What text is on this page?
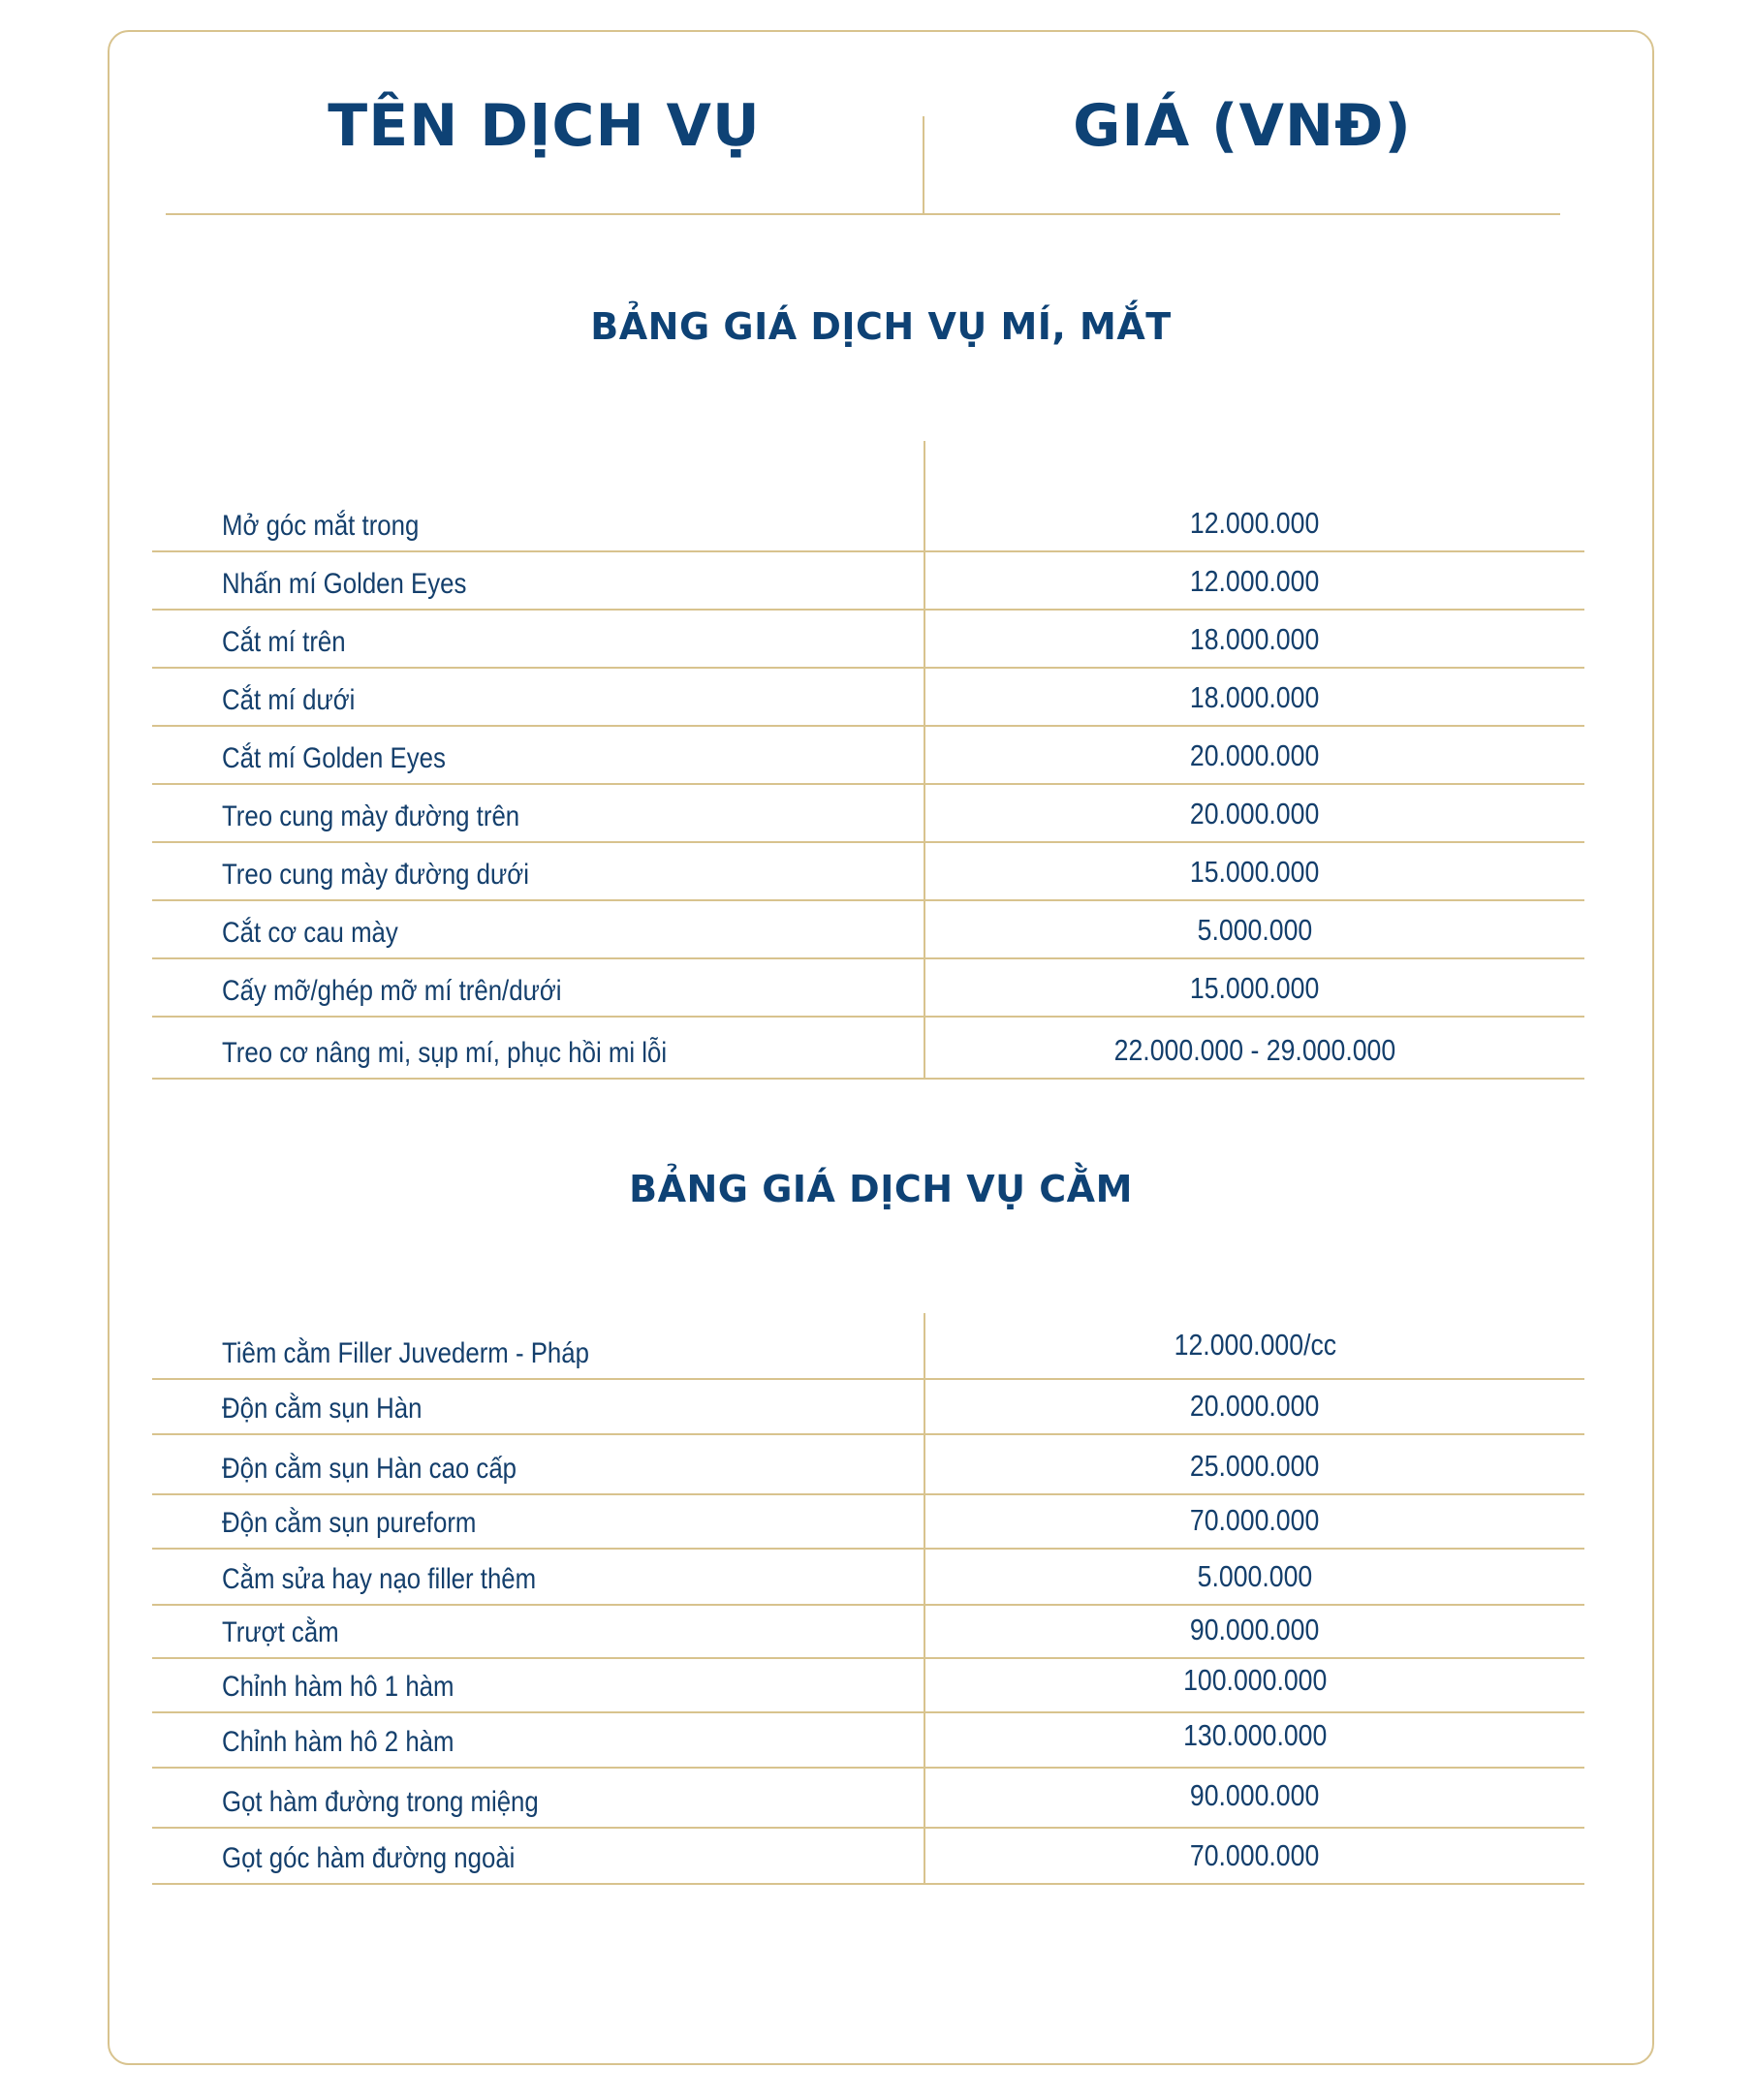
TÊN DỊCH VỤ	GIÁ (VNĐ)
BẢNG GIÁ DỊCH VỤ MÍ, MẮT
Mở góc mắt trong	12.000.000
Nhấn mí Golden Eyes	12.000.000
Cắt mí trên	18.000.000
Cắt mí dưới	18.000.000
Cắt mí Golden Eyes	20.000.000
Treo cung mày đường trên	20.000.000
Treo cung mày đường dưới	15.000.000
Cắt cơ cau mày	5.000.000
Cấy mỡ/ghép mỡ mí trên/dưới	15.000.000
Treo cơ nâng mi, sụp mí, phục hồi mi lỗi	22.000.000 - 29.000.000
BẢNG GIÁ DỊCH VỤ CẰM
Tiêm cằm Filler Juvederm - Pháp	12.000.000/cc
Độn cằm sụn Hàn	20.000.000
Độn cằm sụn Hàn cao cấp	25.000.000
Độn cằm sụn pureform	70.000.000
Cằm sửa hay nạo filler thêm	5.000.000
Trượt cằm	90.000.000
Chỉnh hàm hô 1 hàm	100.000.000
Chỉnh hàm hô 2 hàm	130.000.000
Gọt hàm đường trong miệng	90.000.000
Gọt góc hàm đường ngoài	70.000.000
